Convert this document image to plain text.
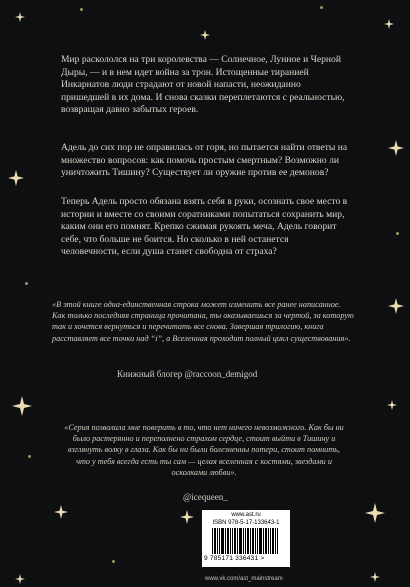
Мир раскололся на три королевства — Солнечное, Лунное и Черной Дыры, — и в нем идет война за трон. Истощенные тиранией Инкарнатов люди страдают от новой напасти, неожиданно пришедшей в их дома. И снова сказки переплетаются с реальностью, возвращая давно забытых героев.

Адель до сих пор не оправилась от горя, но пытается найти ответы на множество вопросов: как помочь простым смертным? Возможно ли уничтожить Тишину? Существует ли оружие против ее демонов?

Теперь Адель просто обязана взять себя в руки, осознать свое место в истории и вместе со своими соратниками попытаться сохранить мир, каким они его помнят. Крепко сжимая рукоять меча, Адель говорит себе, что больше не боится. Но сколько в ней останется человечности, если душа станет свободна от страха?

«В этой книге одна-единственная строка может изменить все ранее написанное. Как только последняя страница прочитана, ты оказываешься за чертой, за которую так и хочется вернуться и перечитать все снова. Завершая трилогию, книга расставляет все точки над “i”, а Вселенная проходит полный цикл существования».
Книжный блогер @raccoon_demigod
«Серия позволила мне поверить в то, что нет ничего невозможного. Как бы ни было растерянно и переполнено страхом сердце, стоит выйти в Тишину и взглянуть волку в глаза. Как бы ни были болезненны потери, стоит помнить, что у тебя всегда есть ты сам — целая вселенная с костями, звездами и осколками любви».
@icequeen_
www.ast.ru
ISBN 978-5-17-133643-1
9 785171 336431 >
www.vk.com/ast_mainstream
